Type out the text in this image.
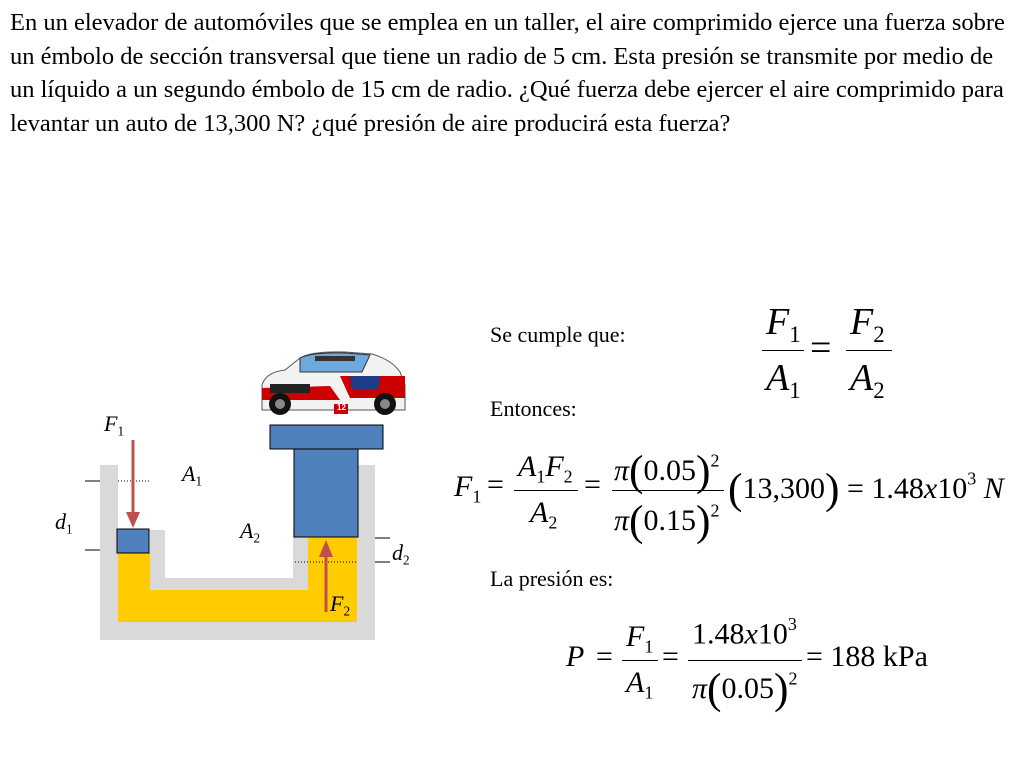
En un elevador de automóviles que se emplea en un taller, el aire comprimido ejerce una fuerza sobre un émbolo de sección transversal que tiene un radio de 5 cm. Esta presión se transmite por medio de un líquido a un segundo émbolo de 15 cm de radio. ¿Qué fuerza debe ejercer el aire comprimido para levantar un auto de 13,300 N? ¿qué presión de aire producirá esta fuerza?

12
$F_1$
$A_1$
$d_1$	$A_2$
$d_2$
$F_2$
Se cumple que:
Entonces:
La presión es:
$F_1$
$A_1$
=
$F_2$
$A_2$
$F_1$ =
$A_1F_2$
$A_2$
= $\pi(0.05)^2$
$\pi(0.15)^2$ $(13,300) = 1.48x10^3$ N
P =
$F_1$
$A_1$
=
$1.48x10^3$
$\pi(0.05)^2$
= 188 kPa
